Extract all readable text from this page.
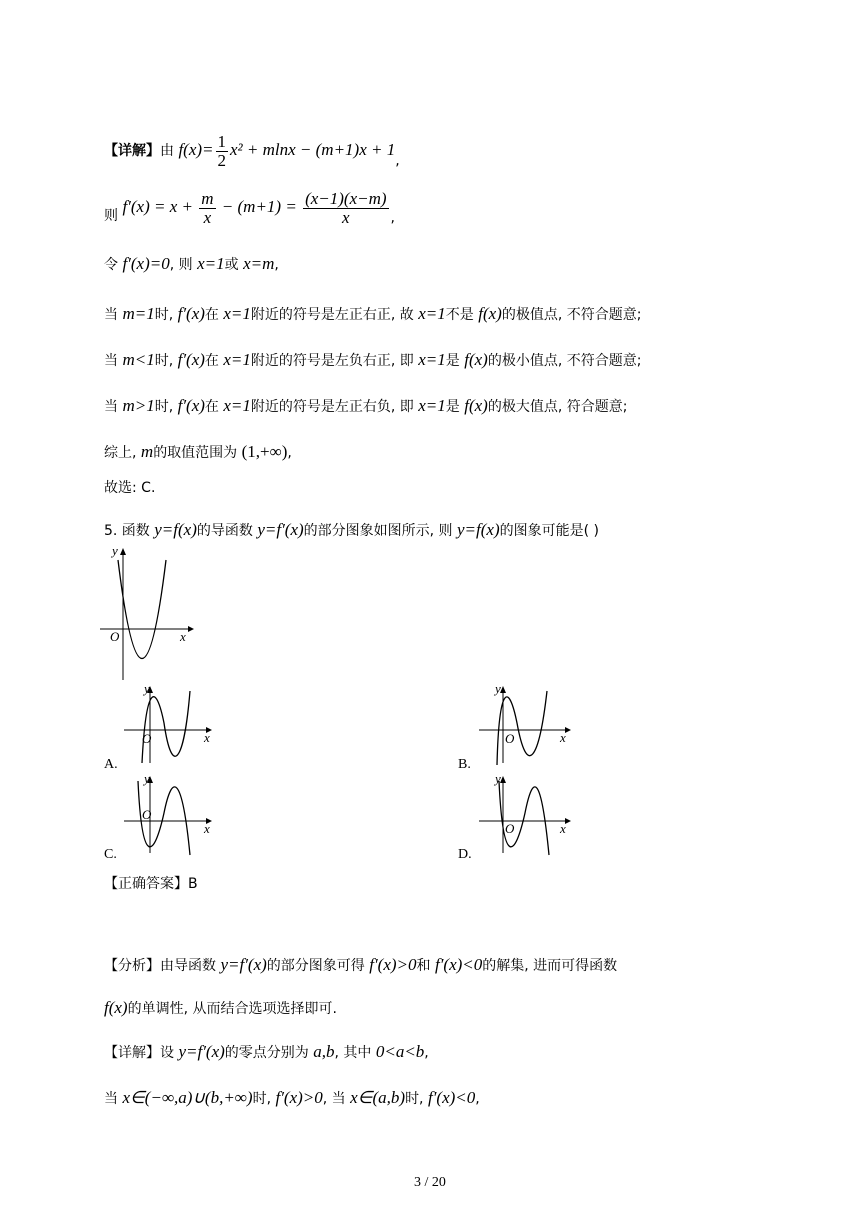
【详解】由 $f(x)= \frac{1}{2} x^2 + mlnx - (m+1)x + 1$,
则 $f'(x) = x + \frac{m}{x} - (m+1) = \frac{(x-1)(x-m)}{x}$ ,
令 f′(x)=0, 则 x=1或 x=m,
当 m=1时, f′(x)在 x=1附近的符号是左正右正, 故 x=1不是 f(x)的极值点, 不符合题意;
当 m<1时, f′(x)在 x=1附近的符号是左负右正, 即 x=1是 f(x)的极小值点, 不符合题意;
当 m>1时, f′(x)在 x=1附近的符号是左正右负, 即 x=1是 f(x)的极大值点, 符合题意;
综上, m的取值范围为 (1,+∞),
故选: C.
5. 函数 y=f(x)的导函数 y=f′(x)的部分图象如图所示, 则 y=f(x)的图象可能是( )
y
x
O
y
x
O
A.
y
x
O
B.
y
x
O
C.
y
x
O
D.
【正确答案】B
【分析】由导函数 y=f′(x)的部分图象可得 f′(x)>0和 f′(x)<0的解集, 进而可得函数
f(x)的单调性, 从而结合选项选择即可.
【详解】设 y=f′(x)的零点分别为 a,b, 其中 0<a<b,
当 x∈(−∞,a)∪(b,+∞)时, f′(x)>0, 当 x∈(a,b)时, f′(x)<0,
3 / 20
